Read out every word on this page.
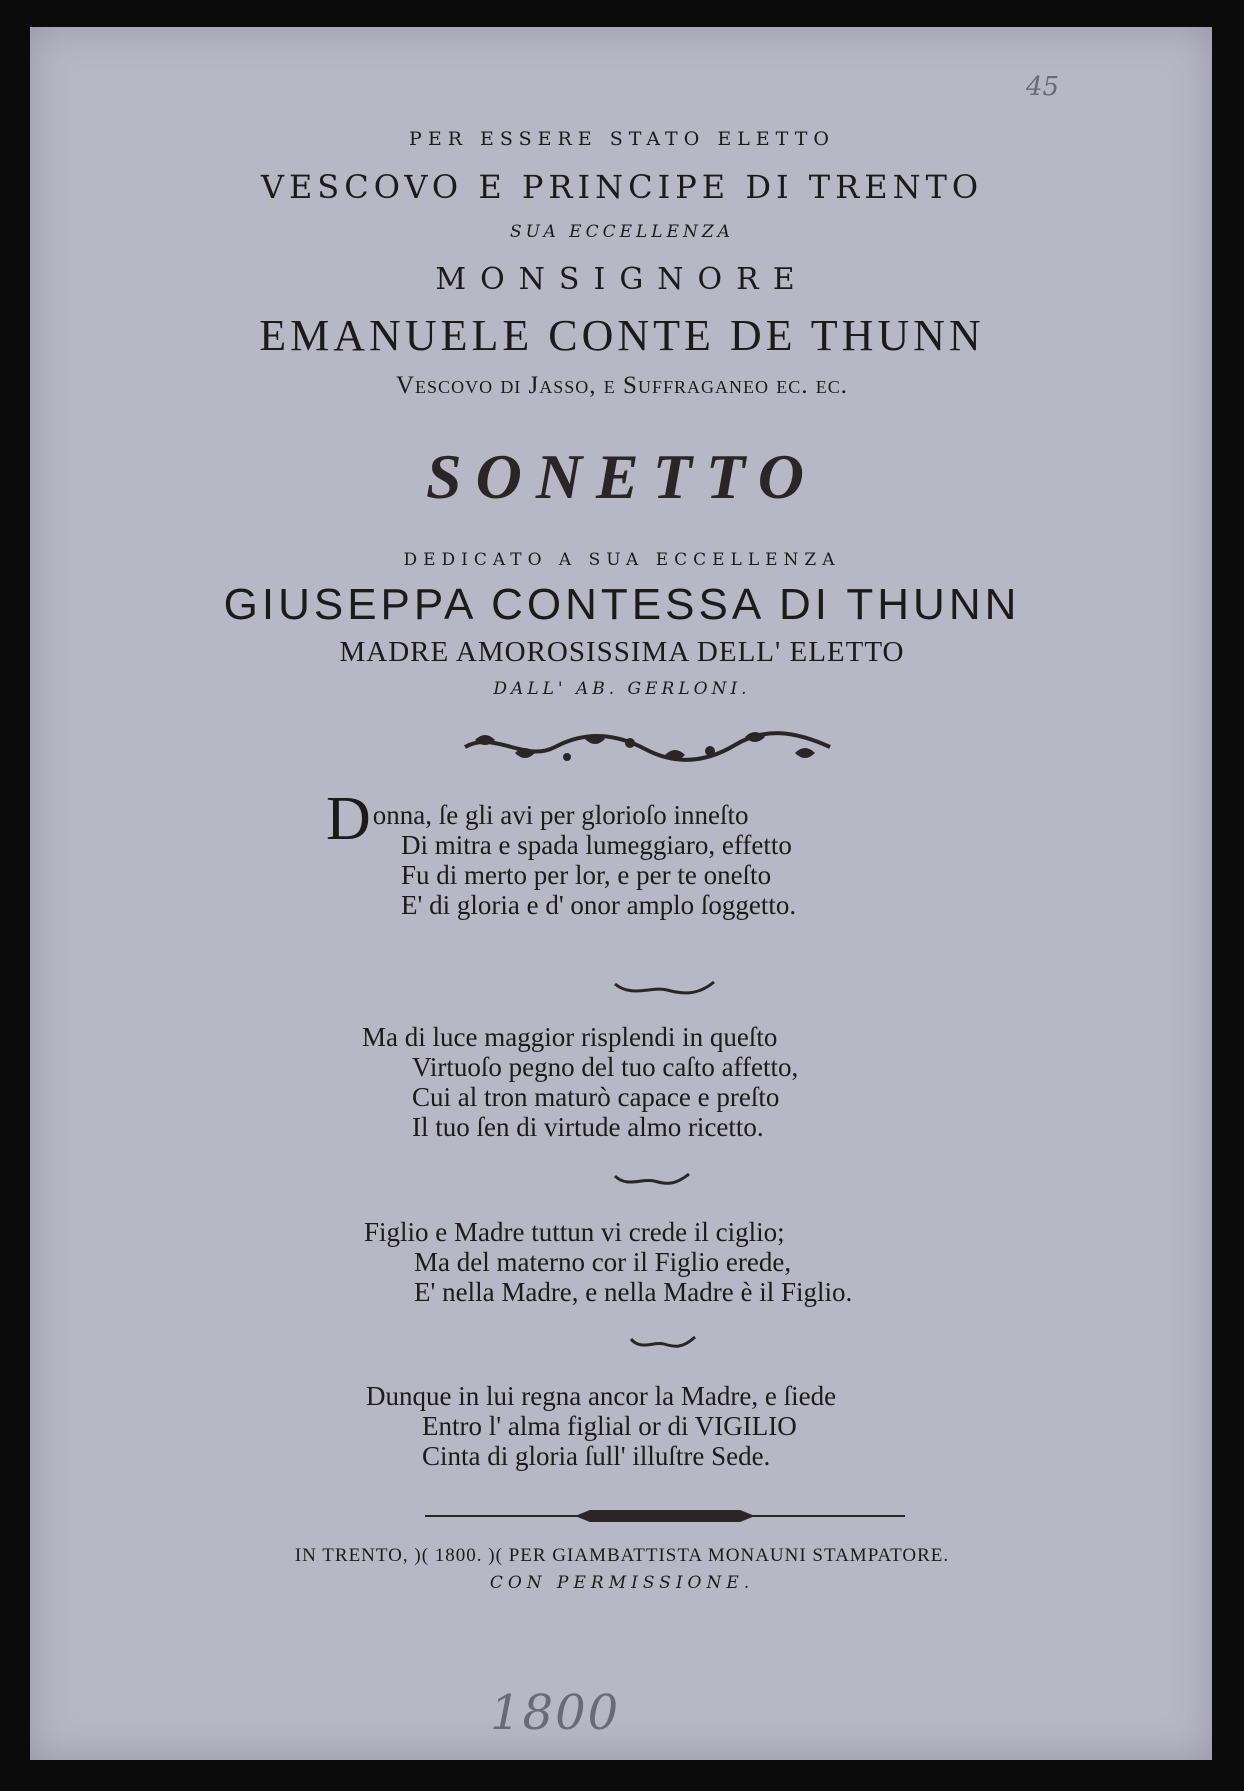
PER ESSERE STATO ELETTO
VESCOVO E PRINCIPE DI TRENTO
SUA ECCELLENZA
MONSIGNORE
EMANUELE CONTE DE THUNN
Vescovo di Jasso, e Suffraganeo ec. ec.
SONETTO
DEDICATO A SUA ECCELLENZA
GIUSEPPA CONTESSA DI THUNN
MADRE AMOROSISSIMA DELL' ELETTO
DALL' AB. GERLONI.
D onna, ſe gli avi per glorioſo inneſto
Di mitra e spada lumeggiaro, effetto
Fu di merto per lor, e per te oneſto
E' di gloria e d' onor amplo ſoggetto.
Ma di luce maggior risplendi in queſto
Virtuoſo pegno del tuo caſto affetto,
Cui al tron maturò capace e preſto
Il tuo ſen di virtude almo ricetto.
Figlio e Madre tuttun vi crede il ciglio;
Ma del materno cor il Figlio erede,
E' nella Madre, e nella Madre è il Figlio.
Dunque in lui regna ancor la Madre, e ſiede
Entro l' alma figlial or di VIGILIO
Cinta di gloria ſull' illuſtre Sede.
IN TRENTO, )( 1800. )( PER GIAMBATTISTA MONAUNI STAMPATORE.
CON PERMISSIONE.
45
1800
